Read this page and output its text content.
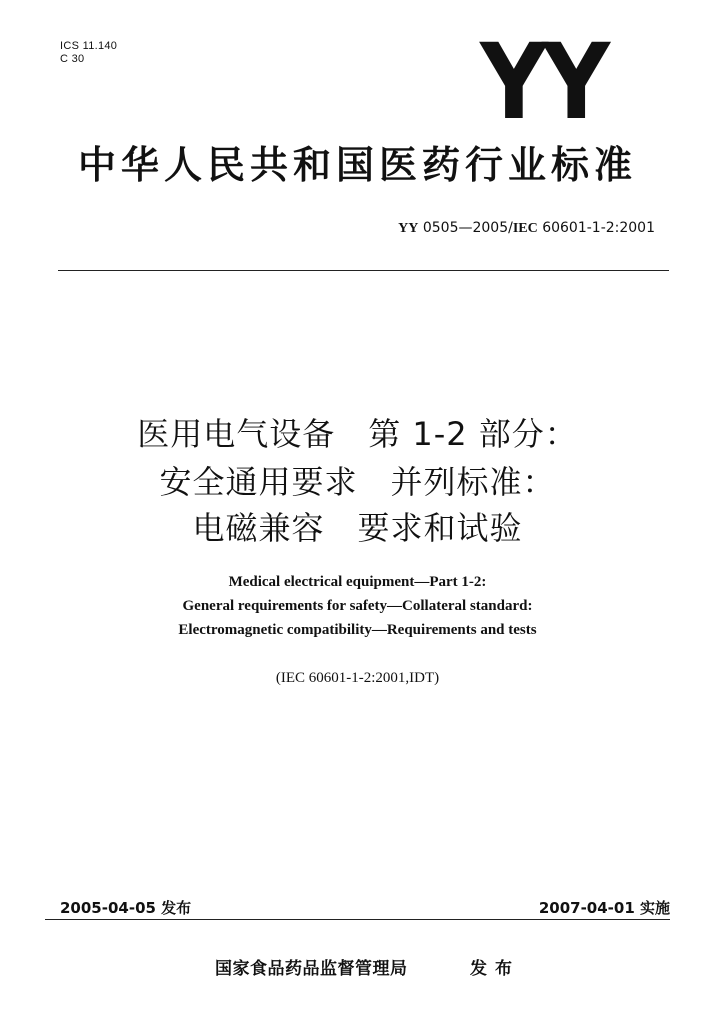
ICS 11.140
C 30	YY
中华人民共和国医药行业标准
YY 0505—2005/IEC 60601-1-2:2001
医用电气设备　第 1-2 部分：
安全通用要求　并列标准：
电磁兼容　要求和试验
Medical electrical equipment—Part 1-2:
General requirements for safety—Collateral standard:
Electromagnetic compatibility—Requirements and tests
(IEC 60601-1-2:2001,IDT)
2005-04-05 发布	2007-04-01 实施
国家食品药品监督管理局	发布
